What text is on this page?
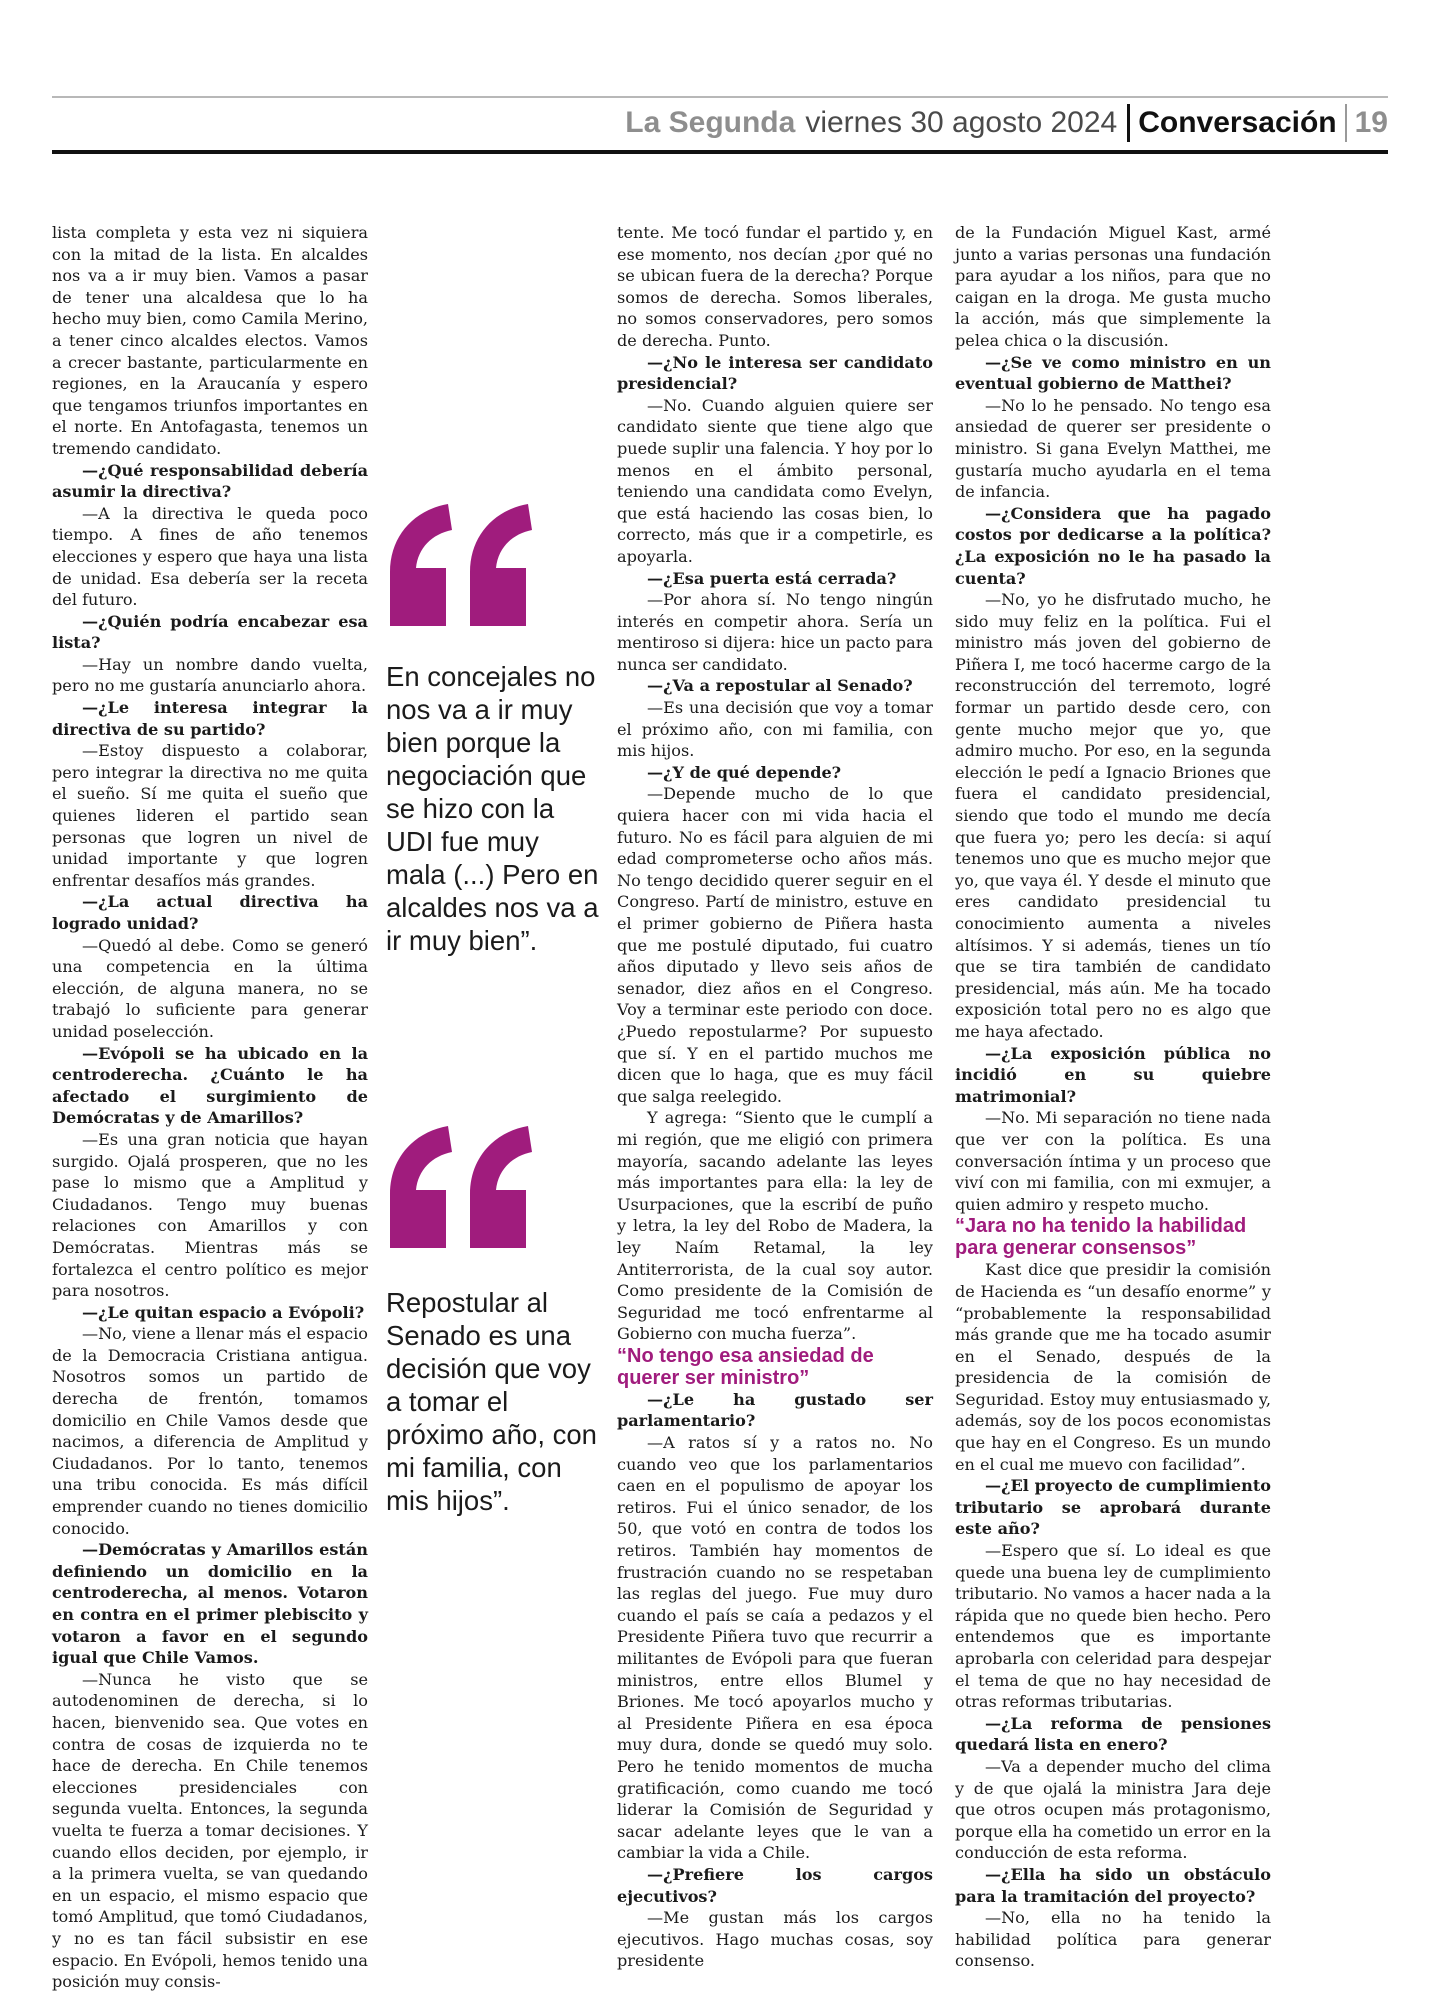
La Segunda viernes 30 agosto 2024 Conversación 19

lista completa y esta vez ni siquiera con la mitad de la lista. En alcaldes nos va a ir muy bien. Vamos a pasar de tener una alcaldesa que lo ha hecho muy bien, como Camila Merino, a tener cinco alcaldes electos. Vamos a crecer bastante, particularmente en regiones, en la Araucanía y espero que tengamos triunfos importantes en el norte. En Antofagasta, tenemos un tremendo candidato.

—¿Qué responsabilidad debería asumir la directiva?

—A la directiva le queda poco tiempo. A fines de año tenemos elecciones y espero que haya una lista de unidad. Esa debería ser la receta del futuro.

—¿Quién podría encabezar esa lista?

—Hay un nombre dando vuelta, pero no me gustaría anunciarlo ahora.

—¿Le interesa integrar la directiva de su partido?

—Estoy dispuesto a colaborar, pero integrar la directiva no me quita el sueño. Sí me quita el sueño que quienes lideren el partido sean personas que logren un nivel de unidad importante y que logren enfrentar desafíos más grandes.

—¿La actual directiva ha logrado unidad?

—Quedó al debe. Como se generó una competencia en la última elección, de alguna manera, no se trabajó lo suficiente para generar unidad poselección.

—Evópoli se ha ubicado en la centroderecha. ¿Cuánto le ha afectado el surgimiento de Demócratas y de Amarillos?

—Es una gran noticia que hayan surgido. Ojalá prosperen, que no les pase lo mismo que a Amplitud y Ciudadanos. Tengo muy buenas relaciones con Amarillos y con Demócratas. Mientras más se fortalezca el centro político es mejor para nosotros.

—¿Le quitan espacio a Evópoli?

—No, viene a llenar más el espacio de la Democracia Cristiana antigua. Nosotros somos un partido de derecha de frentón, tomamos domicilio en Chile Vamos desde que nacimos, a diferencia de Amplitud y Ciudadanos. Por lo tanto, tenemos una tribu conocida. Es más difícil emprender cuando no tienes domicilio conocido.

—Demócratas y Amarillos están definiendo un domicilio en la centroderecha, al menos. Votaron en contra en el primer plebiscito y votaron a favor en el segundo igual que Chile Vamos.

—Nunca he visto que se autodenominen de derecha, si lo hacen, bienvenido sea. Que votes en contra de cosas de izquierda no te hace de derecha. En Chile tenemos elecciones presidenciales con segunda vuelta. Entonces, la segunda vuelta te fuerza a tomar decisiones. Y cuando ellos deciden, por ejemplo, ir a la primera vuelta, se van quedando en un espacio, el mismo espacio que tomó Amplitud, que tomó Ciudadanos, y no es tan fácil subsistir en ese espacio. En Evópoli, hemos tenido una posición muy consis-

En concejales no nos va a ir muy bien porque la negociación que se hizo con la UDI fue muy mala (...) Pero en alcaldes nos va a ir muy bien”.
Repostular al Senado es una decisión que voy a tomar el próximo año, con mi familia, con mis hijos”.

tente. Me tocó fundar el partido y, en ese momento, nos decían ¿por qué no se ubican fuera de la derecha? Porque somos de derecha. Somos liberales, no somos conservadores, pero somos de derecha. Punto.

—¿No le interesa ser candidato presidencial?

—No. Cuando alguien quiere ser candidato siente que tiene algo que puede suplir una falencia. Y hoy por lo menos en el ámbito personal, teniendo una candidata como Evelyn, que está haciendo las cosas bien, lo correcto, más que ir a competirle, es apoyarla.

—¿Esa puerta está cerrada?

—Por ahora sí. No tengo ningún interés en competir ahora. Sería un mentiroso si dijera: hice un pacto para nunca ser candidato.

—¿Va a repostular al Senado?

—Es una decisión que voy a tomar el próximo año, con mi familia, con mis hijos.

—¿Y de qué depende?

—Depende mucho de lo que quiera hacer con mi vida hacia el futuro. No es fácil para alguien de mi edad comprometerse ocho años más. No tengo decidido querer seguir en el Congreso. Partí de ministro, estuve en el primer gobierno de Piñera hasta que me postulé diputado, fui cuatro años diputado y llevo seis años de senador, diez años en el Congreso. Voy a terminar este periodo con doce. ¿Puedo repostularme? Por supuesto que sí. Y en el partido muchos me dicen que lo haga, que es muy fácil que salga reelegido.

Y agrega: “Siento que le cumplí a mi región, que me eligió con primera mayoría, sacando adelante las leyes más importantes para ella: la ley de Usurpaciones, que la escribí de puño y letra, la ley del Robo de Madera, la ley Naím Retamal, la ley Antiterrorista, de la cual soy autor. Como presidente de la Comisión de Seguridad me tocó enfrentarme al Gobierno con mucha fuerza”.

“No tengo esa ansiedad de querer ser ministro”

—¿Le ha gustado ser parlamentario?

—A ratos sí y a ratos no. No cuando veo que los parlamentarios caen en el populismo de apoyar los retiros. Fui el único senador, de los 50, que votó en contra de todos los retiros. También hay momentos de frustración cuando no se respetaban las reglas del juego. Fue muy duro cuando el país se caía a pedazos y el Presidente Piñera tuvo que recurrir a militantes de Evópoli para que fueran ministros, entre ellos Blumel y Briones. Me tocó apoyarlos mucho y al Presidente Piñera en esa época muy dura, donde se quedó muy solo. Pero he tenido momentos de mucha gratificación, como cuando me tocó liderar la Comisión de Seguridad y sacar adelante leyes que le van a cambiar la vida a Chile.

—¿Prefiere los cargos ejecutivos?

—Me gustan más los cargos ejecutivos. Hago muchas cosas, soy presidente

de la Fundación Miguel Kast, armé junto a varias personas una fundación para ayudar a los niños, para que no caigan en la droga. Me gusta mucho la acción, más que simplemente la pelea chica o la discusión.

—¿Se ve como ministro en un eventual gobierno de Matthei?

—No lo he pensado. No tengo esa ansiedad de querer ser presidente o ministro. Si gana Evelyn Matthei, me gustaría mucho ayudarla en el tema de infancia.

—¿Considera que ha pagado costos por dedicarse a la política? ¿La exposición no le ha pasado la cuenta?

—No, yo he disfrutado mucho, he sido muy feliz en la política. Fui el ministro más joven del gobierno de Piñera I, me tocó hacerme cargo de la reconstrucción del terremoto, logré formar un partido desde cero, con gente mucho mejor que yo, que admiro mucho. Por eso, en la segunda elección le pedí a Ignacio Briones que fuera el candidato presidencial, siendo que todo el mundo me decía que fuera yo; pero les decía: si aquí tenemos uno que es mucho mejor que yo, que vaya él. Y desde el minuto que eres candidato presidencial tu conocimiento aumenta a niveles altísimos. Y si además, tienes un tío que se tira también de candidato presidencial, más aún. Me ha tocado exposición total pero no es algo que me haya afectado.

—¿La exposición pública no incidió en su quiebre matrimonial?

—No. Mi separación no tiene nada que ver con la política. Es una conversación íntima y un proceso que viví con mi familia, con mi exmujer, a quien admiro y respeto mucho.

“Jara no ha tenido la habilidad para generar consensos”

Kast dice que presidir la comisión de Hacienda es “un desafío enorme” y “probablemente la responsabilidad más grande que me ha tocado asumir en el Senado, después de la presidencia de la comisión de Seguridad. Estoy muy entusiasmado y, además, soy de los pocos economistas que hay en el Congreso. Es un mundo en el cual me muevo con facilidad”.

—¿El proyecto de cumplimiento tributario se aprobará durante este año?

—Espero que sí. Lo ideal es que quede una buena ley de cumplimiento tributario. No vamos a hacer nada a la rápida que no quede bien hecho. Pero entendemos que es importante aprobarla con celeridad para despejar el tema de que no hay necesidad de otras reformas tributarias.

—¿La reforma de pensiones quedará lista en enero?

—Va a depender mucho del clima y de que ojalá la ministra Jara deje que otros ocupen más protagonismo, porque ella ha cometido un error en la conducción de esta reforma.

—¿Ella ha sido un obstáculo para la tramitación del proyecto?

—No, ella no ha tenido la habilidad política para generar consenso.
